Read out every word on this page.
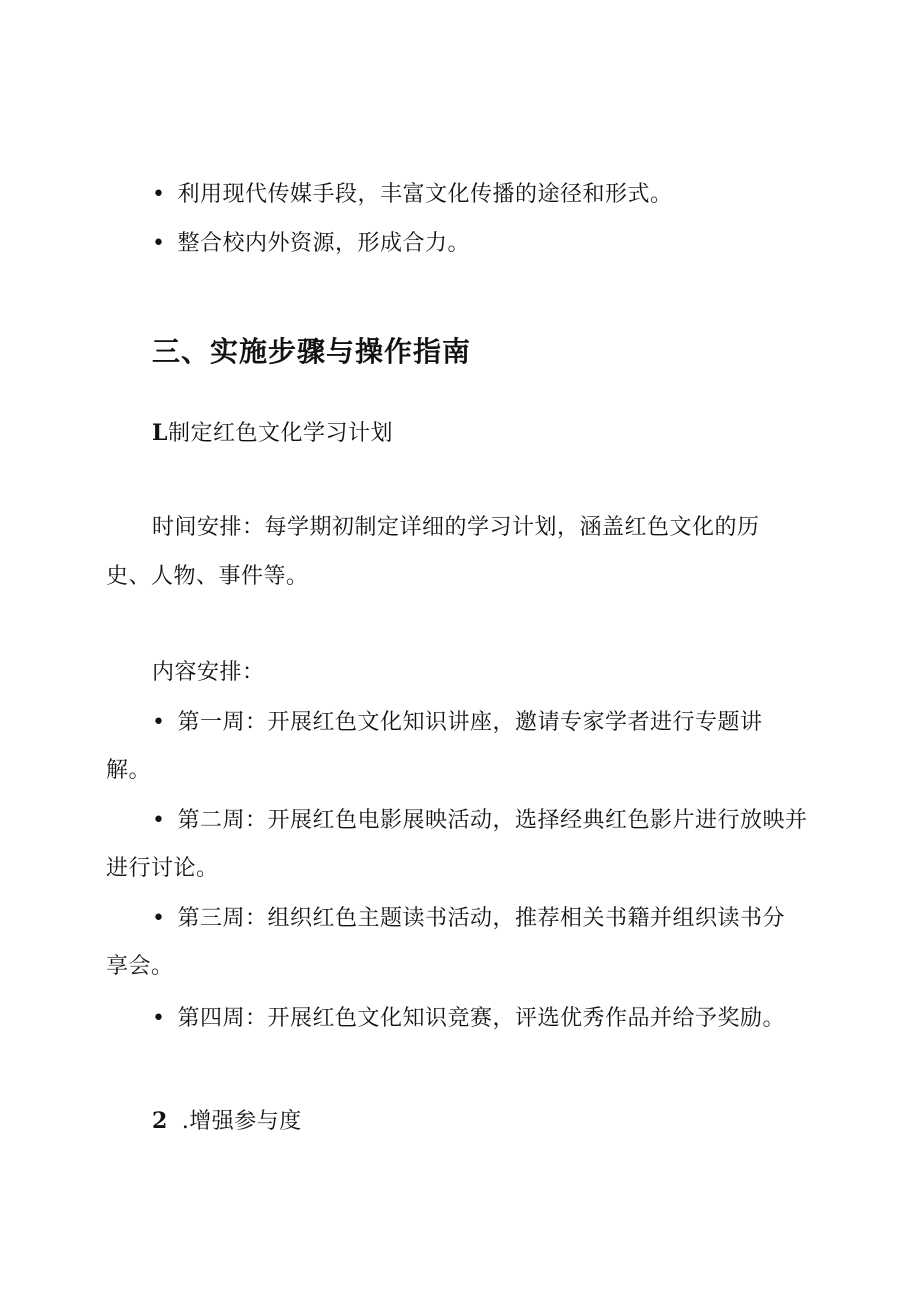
• 利用现代传媒手段，丰富文化传播的途径和形式。
• 整合校内外资源，形成合力。
三、实施步骤与操作指南
L制定红色文化学习计划
时间安排：每学期初制定详细的学习计划，涵盖红色文化的历
史、人物、事件等。
内容安排：
• 第一周：开展红色文化知识讲座，邀请专家学者进行专题讲
解。
• 第二周：开展红色电影展映活动，选择经典红色影片进行放映并
进行讨论。
• 第三周：组织红色主题读书活动，推荐相关书籍并组织读书分
享会。
• 第四周：开展红色文化知识竞赛，评选优秀作品并给予奖励。
2 .增强参与度
